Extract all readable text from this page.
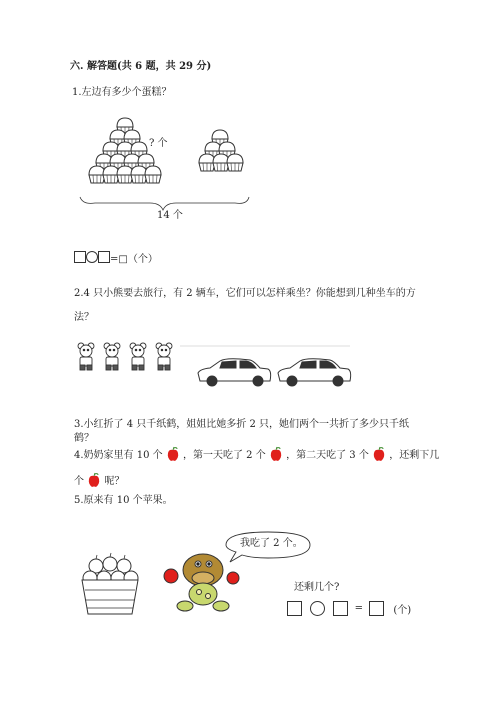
六. 解答题(共 6 题，共 29 分)
1.左边有多少个蛋糕？
? 个
14 个
=□（个）
2.4 只小熊要去旅行，有 2 辆车，它们可以怎样乘坐？你能想到几种坐车的方
法？
3.小红折了 4 只千纸鹤，姐姐比她多折 2 只，她们两个一共折了多少只千纸
鹤？
4.奶奶家里有 10 个 ，第一天吃了 2 个 ，第二天吃了 3 个 ，还剩下几
个 呢？
5.原来有 10 个苹果。
我吃了 2 个。
还剩几个?
=	(个)
